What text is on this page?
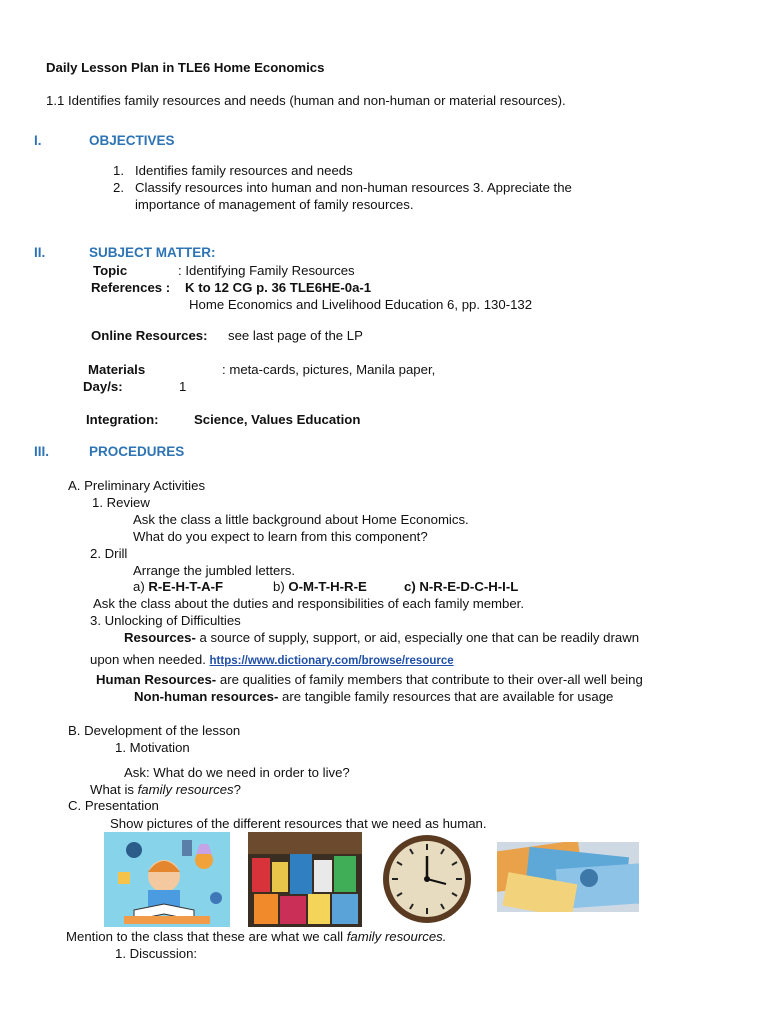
Daily Lesson Plan in TLE6 Home Economics
1.1 Identifies family resources and needs (human and non-human or material resources).
I.	OBJECTIVES
1. Identifies family resources and needs
2. Classify resources into human and non-human resources 3. Appreciate the
importance of management of family resources.
II.	SUBJECT MATTER:
Topic	: Identifying Family Resources
References : K to 12 CG p. 36 TLE6HE-0a-1
Home Economics and Livelihood Education 6, pp. 130-132
Online Resources: see last page of the LP
Materials	: meta-cards, pictures, Manila paper,
Day/s:	1
Integration:	Science, Values Education
III.	PROCEDURES
A. Preliminary Activities
1. Review
Ask the class a little background about Home Economics.
What do you expect to learn from this component?
2. Drill
Arrange the jumbled letters.
a) R-E-H-T-A-F	b) O-M-T-H-R-E	c) N-R-E-D-C-H-I-L
Ask the class about the duties and responsibilities of each family member.
3. Unlocking of Difficulties
Resources- a source of supply, support, or aid, especially one that can be readily drawn
upon when needed. https://www.dictionary.com/browse/resource
Human Resources- are qualities of family members that contribute to their over-all well being
Non-human resources- are tangible family resources that are available for usage
B. Development of the lesson
1. Motivation
Ask: What do we need in order to live?
What is family resources?
C. Presentation
Show pictures of the different resources that we need as human.
Mention to the class that these are what we call family resources.
1. Discussion:
